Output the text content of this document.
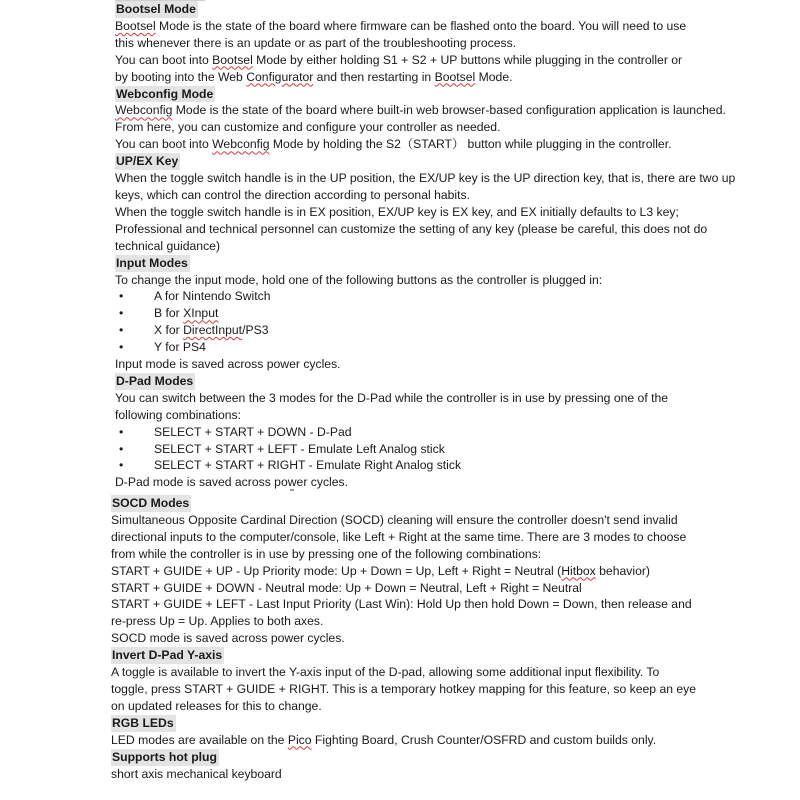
Bootsel Mode

Bootsel Mode is the state of the board where firmware can be flashed onto the board. You will need to use

this whenever there is an update or as part of the troubleshooting process.

You can boot into Bootsel Mode by either holding S1 + S2 + UP buttons while plugging in the controller or

by booting into the Web Configurator and then restarting in Bootsel Mode.

Webconfig Mode

Webconfig Mode is the state of the board where built-in web browser-based configuration application is launched.

From here, you can customize and configure your controller as needed.

You can boot into Webconfig Mode by holding the S2（START） button while plugging in the controller.

UP/EX Key

When the toggle switch handle is in the UP position, the EX/UP key is the UP direction key, that is, there are two up

keys, which can control the direction according to personal habits.

When the toggle switch handle is in EX position, EX/UP key is EX key, and EX initially defaults to L3 key;

Professional and technical personnel can customize the setting of any key (please be careful, this does not do

technical guidance)

Input Modes

To change the input mode, hold one of the following buttons as the controller is plugged in:

•	A for Nintendo Switch

•	B for XInput

•	X for DirectInput/PS3

•	Y for PS4

Input mode is saved across power cycles.

D-Pad Modes

You can switch between the 3 modes for the D-Pad while the controller is in use by pressing one of the

following combinations:

•	SELECT + START + DOWN - D-Pad

•	SELECT + START + LEFT - Emulate Left Analog stick

•	SELECT + START + RIGHT - Emulate Right Analog stick

D-Pad mode is saved across power cycles.

SOCD Modes

Simultaneous Opposite Cardinal Direction (SOCD) cleaning will ensure the controller doesn't send invalid

directional inputs to the computer/console, like Left + Right at the same time. There are 3 modes to choose

from while the controller is in use by pressing one of the following combinations:

START + GUIDE + UP - Up Priority mode: Up + Down = Up, Left + Right = Neutral (Hitbox behavior)

START + GUIDE + DOWN - Neutral mode: Up + Down = Neutral, Left + Right = Neutral

START + GUIDE + LEFT - Last Input Priority (Last Win): Hold Up then hold Down = Down, then release and

re-press Up = Up. Applies to both axes.

SOCD mode is saved across power cycles.

Invert D-Pad Y-axis

A toggle is available to invert the Y-axis input of the D-pad, allowing some additional input flexibility. To

toggle, press START + GUIDE + RIGHT. This is a temporary hotkey mapping for this feature, so keep an eye

on updated releases for this to change.

RGB LEDs

LED modes are available on the Pico Fighting Board, Crush Counter/OSFRD and custom builds only.

Supports hot plug

short axis mechanical keyboard
